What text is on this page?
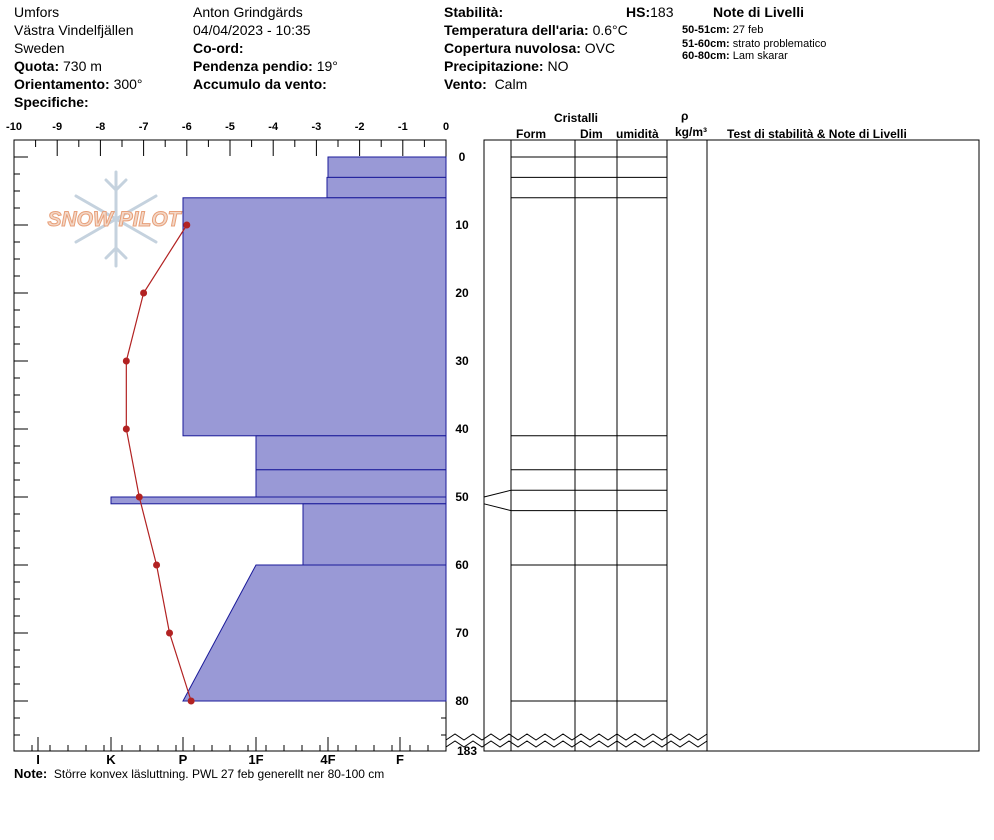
Umfors
Västra Vindelfjällen
Sweden
Quota: 730 m
Orientamento: 300°
Specifiche:
Anton Grindgärds
04/04/2023 - 10:35
Co-ord:
Pendenza pendio: 19°
Accumulo da vento:
Stabilità:	HS:183
Temperatura dell'aria: 0.6°C
Copertura nuvolosa: OVC
Precipitazione: NO
Vento: Calm
Note di Livelli
50-51cm: 27 feb
51-60cm: strato problematico
60-80cm: Lam skarar
Cristalli
Form	Dim umidità
ρ
kg/m³ Test di stabilità & Note di Livelli
SNOW PILOT
-10	-9	-8	-7	-6	-5	-4	-3	-2	-1	0
0
10
20
30
40
50
60
70
80
183
I	K	P	1F	4F	F
Note: Större konvex läsluttning. PWL 27 feb generellt ner 80-100 cm
